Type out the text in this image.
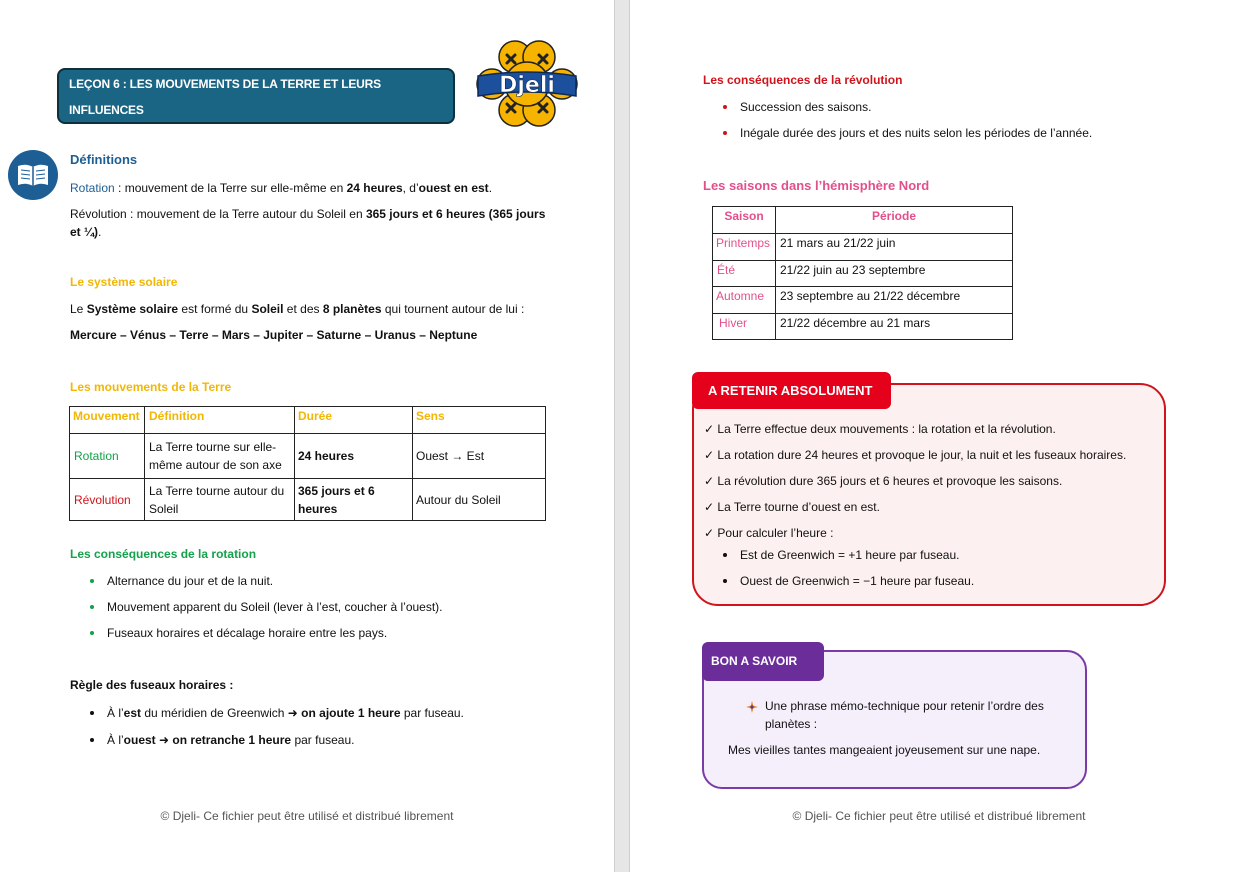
LEÇON 6 : LES MOUVEMENTS DE LA TERRE ET LEURS INFLUENCES
SUR LA VIE QUOTIDIENNE
Djeli
Définitions
Rotation : mouvement de la Terre sur elle-même en 24 heures, d’ouest en est.
Révolution : mouvement de la Terre autour du Soleil en 365 jours et 6 heures (365 jours
et ¼).
Le système solaire
Le Système solaire est formé du Soleil et des 8 planètes qui tournent autour de lui :
Mercure – Vénus – Terre – Mars – Jupiter – Saturne – Uranus – Neptune
Les mouvements de la Terre
Mouvement	Définition	Durée	Sens
Rotation	La Terre tourne sur elle-même autour de son axe	24 heures	Ouest → Est
Révolution	La Terre tourne autour du Soleil	365 jours et 6 heures	Autour du Soleil
Les conséquences de la rotation
Alternance du jour et de la nuit.
Mouvement apparent du Soleil (lever à l’est, coucher à l’ouest).
Fuseaux horaires et décalage horaire entre les pays.
Règle des fuseaux horaires :
À l’est du méridien de Greenwich ➜ on ajoute 1 heure par fuseau.
À l’ouest ➜ on retranche 1 heure par fuseau.
© Djeli- Ce fichier peut être utilisé et distribué librement
Les conséquences de la révolution
Succession des saisons.
Inégale durée des jours et des nuits selon les périodes de l’année.
Les saisons dans l’hémisphère Nord
Saison	Période
Printemps	21 mars au 21/22 juin
Été	21/22 juin au 23 septembre
Automne	23 septembre au 21/22 décembre
Hiver	21/22 décembre au 21 mars
A RETENIR ABSOLUMENT
✓ La Terre effectue deux mouvements : la rotation et la révolution.
✓ La rotation dure 24 heures et provoque le jour, la nuit et les fuseaux horaires.
✓ La révolution dure 365 jours et 6 heures et provoque les saisons.
✓ La Terre tourne d’ouest en est.
✓ Pour calculer l’heure :
Est de Greenwich = +1 heure par fuseau.
Ouest de Greenwich = −1 heure par fuseau.
BON A SAVOIR
Une phrase mémo-technique pour retenir l’ordre des
planètes :
Mes vieilles tantes mangeaient joyeusement sur une nape.
© Djeli- Ce fichier peut être utilisé et distribué librement
